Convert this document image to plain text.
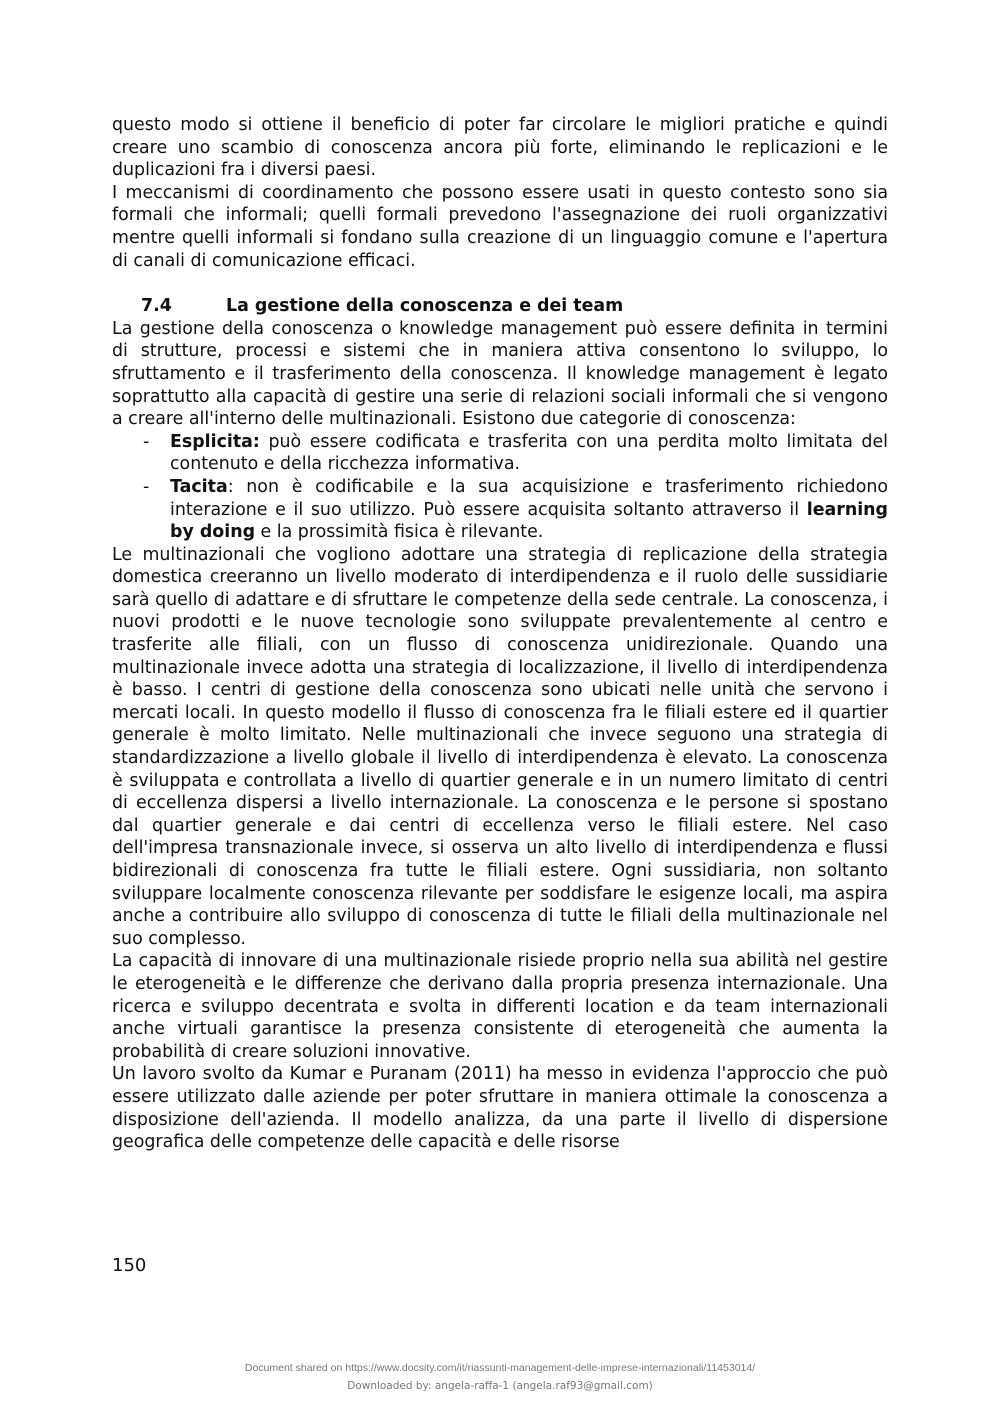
questo modo si ottiene il beneficio di poter far circolare le migliori pratiche e quindi creare uno scambio di conoscenza ancora più forte, eliminando le replicazioni e le duplicazioni fra i diversi paesi.

I meccanismi di coordinamento che possono essere usati in questo contesto sono sia formali che informali; quelli formali prevedono l'assegnazione dei ruoli organizzativi mentre quelli informali si fondano sulla creazione di un linguaggio comune e l'apertura di canali di comunicazione efficaci.

7.4	La gestione della conoscenza e dei team

La gestione della conoscenza o knowledge management può essere definita in termini di strutture, processi e sistemi che in maniera attiva consentono lo sviluppo, lo sfruttamento e il trasferimento della conoscenza. Il knowledge management è legato soprattutto alla capacità di gestire una serie di relazioni sociali informali che si vengono a creare all'interno delle multinazionali. Esistono due categorie di conoscenza:

- Esplicita: può essere codificata e trasferita con una perdita molto limitata del contenuto e della ricchezza informativa.
- Tacita: non è codificabile e la sua acquisizione e trasferimento richiedono interazione e il suo utilizzo. Può essere acquisita soltanto attraverso il learning by doing e la prossimità fisica è rilevante.

Le multinazionali che vogliono adottare una strategia di replicazione della strategia domestica creeranno un livello moderato di interdipendenza e il ruolo delle sussidiarie sarà quello di adattare e di sfruttare le competenze della sede centrale. La conoscenza, i nuovi prodotti e le nuove tecnologie sono sviluppate prevalentemente al centro e trasferite alle filiali, con un flusso di conoscenza unidirezionale. Quando una multinazionale invece adotta una strategia di localizzazione, il livello di interdipendenza è basso. I centri di gestione della conoscenza sono ubicati nelle unità che servono i mercati locali. In questo modello il flusso di conoscenza fra le filiali estere ed il quartier generale è molto limitato. Nelle multinazionali che invece seguono una strategia di standardizzazione a livello globale il livello di interdipendenza è elevato. La conoscenza è sviluppata e controllata a livello di quartier generale e in un numero limitato di centri di eccellenza dispersi a livello internazionale. La conoscenza e le persone si spostano dal quartier generale e dai centri di eccellenza verso le filiali estere. Nel caso dell'impresa transnazionale invece, si osserva un alto livello di interdipendenza e flussi bidirezionali di conoscenza fra tutte le filiali estere. Ogni sussidiaria, non soltanto sviluppare localmente conoscenza rilevante per soddisfare le esigenze locali, ma aspira anche a contribuire allo sviluppo di conoscenza di tutte le filiali della multinazionale nel suo complesso.

La capacità di innovare di una multinazionale risiede proprio nella sua abilità nel gestire le eterogeneità e le differenze che derivano dalla propria presenza internazionale. Una ricerca e sviluppo decentrata e svolta in differenti location e da team internazionali anche virtuali garantisce la presenza consistente di eterogeneità che aumenta la probabilità di creare soluzioni innovative.

Un lavoro svolto da Kumar e Puranam (2011) ha messo in evidenza l'approccio che può essere utilizzato dalle aziende per poter sfruttare in maniera ottimale la conoscenza a disposizione dell'azienda. Il modello analizza, da una parte il livello di dispersione geografica delle competenze delle capacità e delle risorse

150
Document shared on https://www.docsity.com/it/riassunti-management-delle-imprese-internazionali/11453014/
Downloaded by: angela-raffa-1 (angela.raf93@gmail.com)
